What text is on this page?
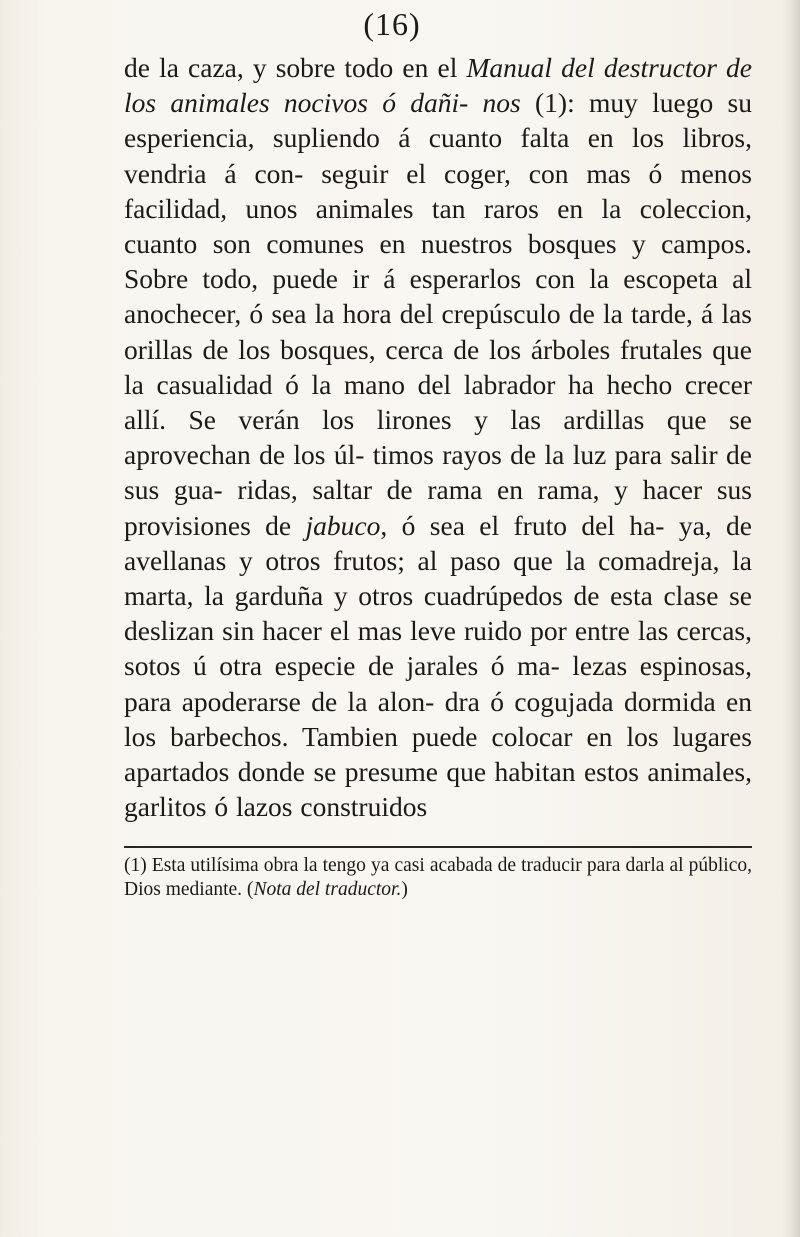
(16)

de la caza, y sobre todo en el Manual del destructor de los animales nocivos ó dañi- nos (1): muy luego su esperiencia, supliendo á cuanto falta en los libros, vendria á con- seguir el coger, con mas ó menos facilidad, unos animales tan raros en la coleccion, cuanto son comunes en nuestros bosques y campos. Sobre todo, puede ir á esperarlos con la escopeta al anochecer, ó sea la hora del crepúsculo de la tarde, á las orillas de los bosques, cerca de los árboles frutales que la casualidad ó la mano del labrador ha hecho crecer allí. Se verán los lirones y las ardillas que se aprovechan de los úl- timos rayos de la luz para salir de sus gua- ridas, saltar de rama en rama, y hacer sus provisiones de jabuco, ó sea el fruto del ha- ya, de avellanas y otros frutos; al paso que la comadreja, la marta, la garduña y otros cuadrúpedos de esta clase se deslizan sin hacer el mas leve ruido por entre las cercas, sotos ú otra especie de jarales ó ma- lezas espinosas, para apoderarse de la alon- dra ó cogujada dormida en los barbechos. Tambien puede colocar en los lugares apartados donde se presume que habitan estos animales, garlitos ó lazos construidos

(1) Esta utilísima obra la tengo ya casi acabada de traducir para darla al público, Dios mediante. (Nota del traductor.)
